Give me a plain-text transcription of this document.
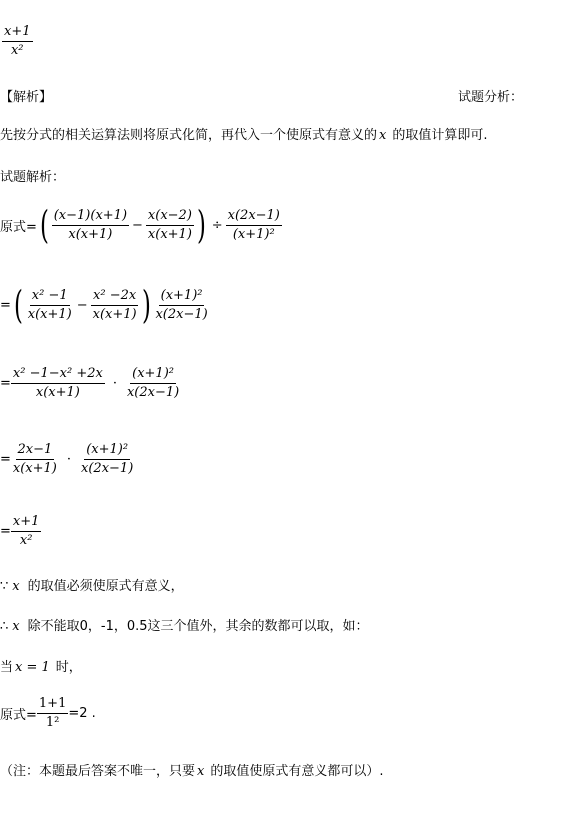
$\frac{x+1}{\text{x²}}$
【解析】	试题分析：
先按分式的相关运算法则将原式化简，再代入一个使原式有意义的 x 的取值计算即可.
试题解析：
原式= ( $\frac{(x-1)(x+1)}{x(x+1)} - \frac{x(x-2)}{x(x+1)}$ ) ÷ $\frac{x(2x-1)}{\text{(x+1)²}}$
= ( $\frac{\text{x² −1}}{x(x+1)} - \frac{\text{x² −2x}}{x(x+1)}$ ) $\frac{\text{(x+1)²}}{x(2x-1)}$
= $\frac{\text{x² −1−x² +2x}}{x(x+1)} \cdot \frac{\text{(x+1)²}}{x(2x-1)}$
= $\frac{2x-1}{x(x+1)} \cdot \frac{\text{(x+1)²}}{x(2x-1)}$
= $\frac{x+1}{\text{x²}}$
∵ x 的取值必须使原式有意义，
∴ x 除不能取0，-1，0.5这三个值外，其余的数都可以取，如：
当 x = 1 时，
原式= $\frac{1+1}{\text{1²}} =2$ .
（注：本题最后答案不唯一，只要 x 的取值使原式有意义都可以）.
